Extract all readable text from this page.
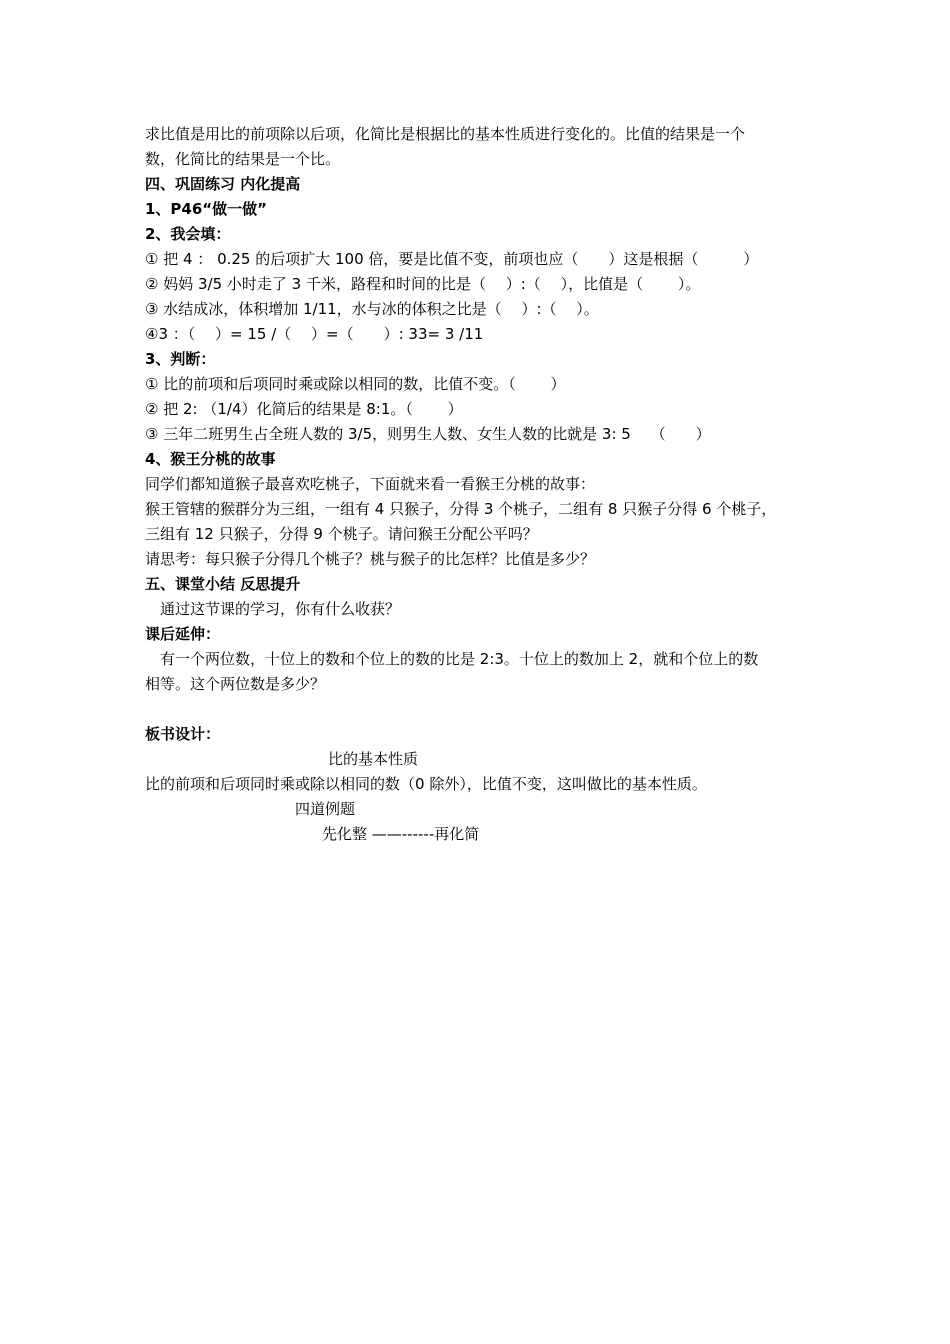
求比值是用比的前项除以后项，化简比是根据比的基本性质进行变化的。比值的结果是一个

数，化简比的结果是一个比。

四、巩固练习 内化提高

1、P46“做一做”

2、我会填：

① 把 4 ： 0.25 的后项扩大 100 倍，要是比值不变，前项也应（　　）这是根据（　　　）

② 妈妈 3/5 小时走了 3 千米，路程和时间的比是（　 ）:（　 ），比值是（　　 ）。

③ 水结成冰，体积增加 1/11，水与冰的体积之比是（　 ）:（　 ）。

④3 ：（　 ）= 15 /（　 ）=（　　）: 33= 3 /11

3、判断：

① 比的前项和后项同时乘或除以相同的数，比值不变。（　　 ）

② 把 2: （1/4）化简后的结果是 8:1。（　　 ）

③ 三年二班男生占全班人数的 3/5，则男生人数、女生人数的比就是 3: 5　 （　　）

4、猴王分桃的故事

同学们都知道猴子最喜欢吃桃子，下面就来看一看猴王分桃的故事：

猴王管辖的猴群分为三组，一组有 4 只猴子，分得 3 个桃子，二组有 8 只猴子分得 6 个桃子，

三组有 12 只猴子，分得 9 个桃子。请问猴王分配公平吗？

请思考：每只猴子分得几个桃子？桃与猴子的比怎样？比值是多少？

五、课堂小结 反思提升

通过这节课的学习，你有什么收获？

课后延伸：

有一个两位数，十位上的数和个位上的数的比是 2:3。十位上的数加上 2，就和个位上的数

相等。这个两位数是多少？

板书设计：

比的基本性质

比的前项和后项同时乘或除以相同的数（0 除外），比值不变，这叫做比的基本性质。

四道例题

先化整 ——------再化简
